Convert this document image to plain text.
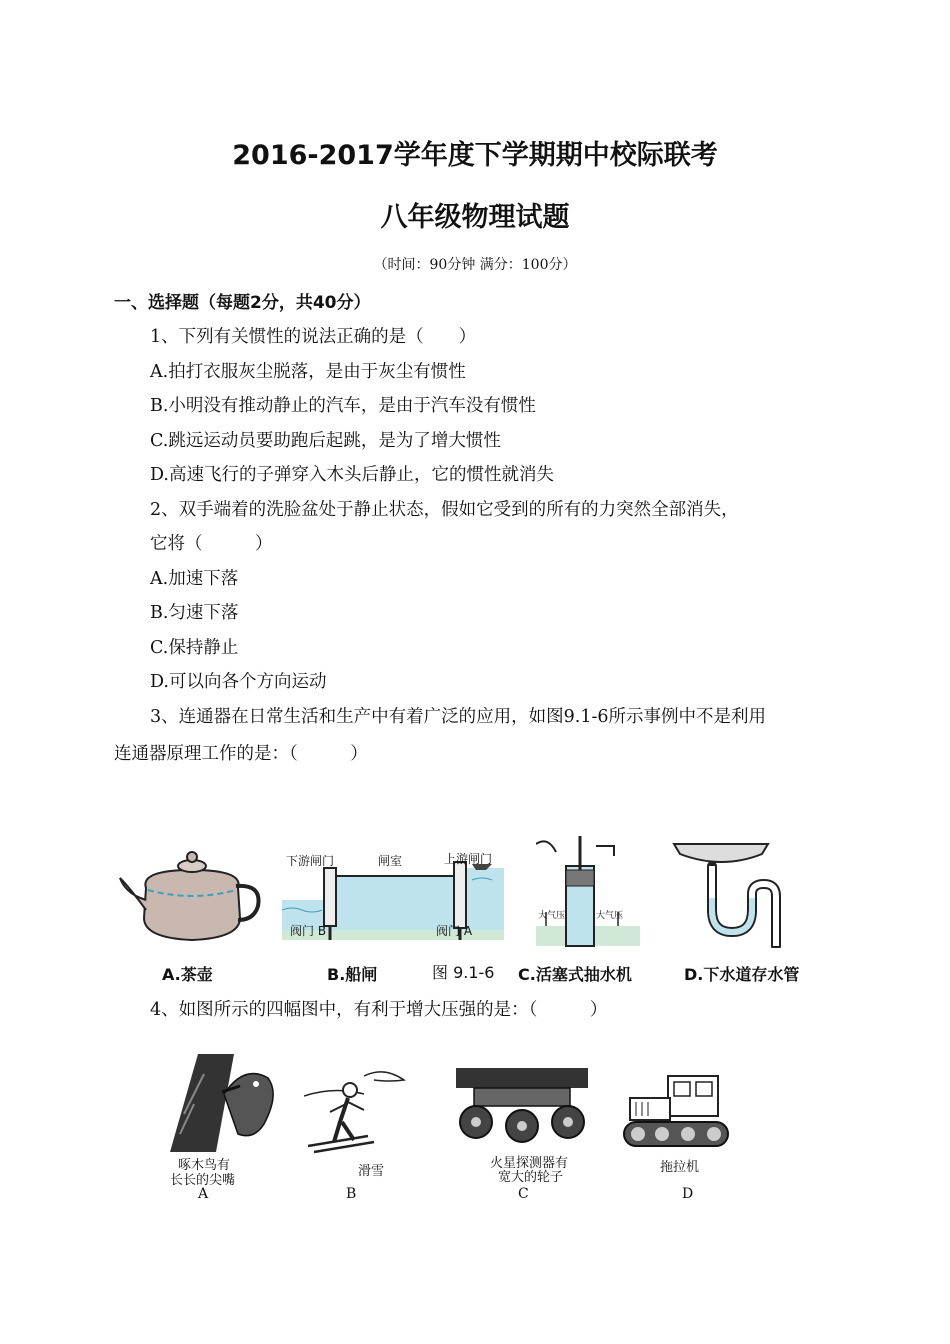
2016-2017学年度下学期期中校际联考
八年级物理试题
（时间：90分钟 满分：100分）
一、选择题（每题2分，共40分）
1、下列有关惯性的说法正确的是（　　）
A.拍打衣服灰尘脱落，是由于灰尘有惯性
B.小明没有推动静止的汽车，是由于汽车没有惯性
C.跳远运动员要助跑后起跳，是为了增大惯性
D.高速飞行的子弹穿入木头后静止，它的惯性就消失
2、双手端着的洗脸盆处于静止状态，假如它受到的所有的力突然全部消失，
它将（　　　）
A.加速下落
B.匀速下落
C.保持静止
D.可以向各个方向运动
3、连通器在日常生活和生产中有着广泛的应用，如图9.1-6所示事例中不是利用
连通器原理工作的是：（　　　）
A.茶壶
下游闸门	闸室	上游闸门
阀门 B	阀门 A
B.船闸	图 9.1-6
大气压	大气压
C.活塞式抽水机	D.下水道存水管
4、如图所示的四幅图中，有利于增大压强的是：（　　　）
啄木鸟有
长长的尖嘴
A
滑雪
B
火星探测器有
宽大的轮子
C
拖拉机
D
